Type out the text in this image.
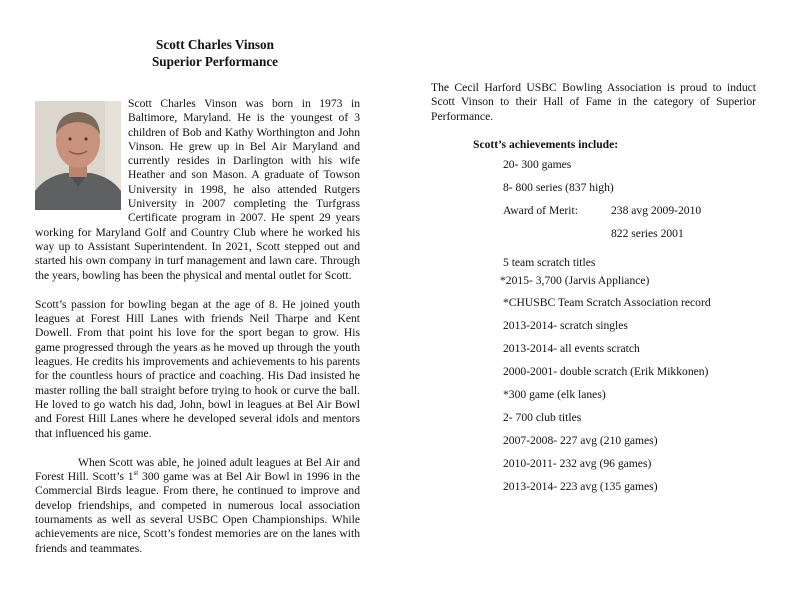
Scott Charles Vinson
Superior Performance

Scott Charles Vinson was born in 1973 in Baltimore, Maryland. He is the youngest of 3 children of Bob and Kathy Worthington and John Vinson. He grew up in Bel Air Maryland and currently resides in Darlington with his wife Heather and son Mason. A graduate of Towson University in 1998, he also attended Rutgers University in 2007 completing the Turfgrass Certificate program in 2007. He spent 29 years working for Maryland Golf and Country Club where he worked his way up to Assistant Superintendent. In 2021, Scott stepped out and started his own company in turf management and lawn care. Through the years, bowling has been the physical and mental outlet for Scott.

Scott’s passion for bowling began at the age of 8. He joined youth leagues at Forest Hill Lanes with friends Neil Tharpe and Kent Dowell. From that point his love for the sport began to grow. His game progressed through the years as he moved up through the youth leagues. He credits his improvements and achievements to his parents for the countless hours of practice and coaching. His Dad insisted he master rolling the ball straight before trying to hook or curve the ball. He loved to go watch his dad, John, bowl in leagues at Bel Air Bowl and Forest Hill Lanes where he developed several idols and mentors that influenced his game.

When Scott was able, he joined adult leagues at Bel Air and Forest Hill. Scott’s 1st 300 game was at Bel Air Bowl in 1996 in the Commercial Birds league. From there, he continued to improve and develop friendships, and competed in numerous local association tournaments as well as several USBC Open Championships. While achievements are nice, Scott’s fondest memories are on the lanes with friends and teammates.

The Cecil Harford USBC Bowling Association is proud to induct Scott Vinson to their Hall of Fame in the category of Superior Performance.

Scott’s achievements include:
20- 300 games
8- 800 series (837 high)
Award of Merit:	238 avg 2009-2010
822 series 2001
5 team scratch titles
*2015- 3,700 (Jarvis Appliance)
*CHUSBC Team Scratch Association record
2013-2014- scratch singles
2013-2014- all events scratch
2000-2001- double scratch (Erik Mikkonen)
*300 game (elk lanes)
2- 700 club titles
2007-2008- 227 avg (210 games)
2010-2011- 232 avg (96 games)
2013-2014- 223 avg (135 games)
